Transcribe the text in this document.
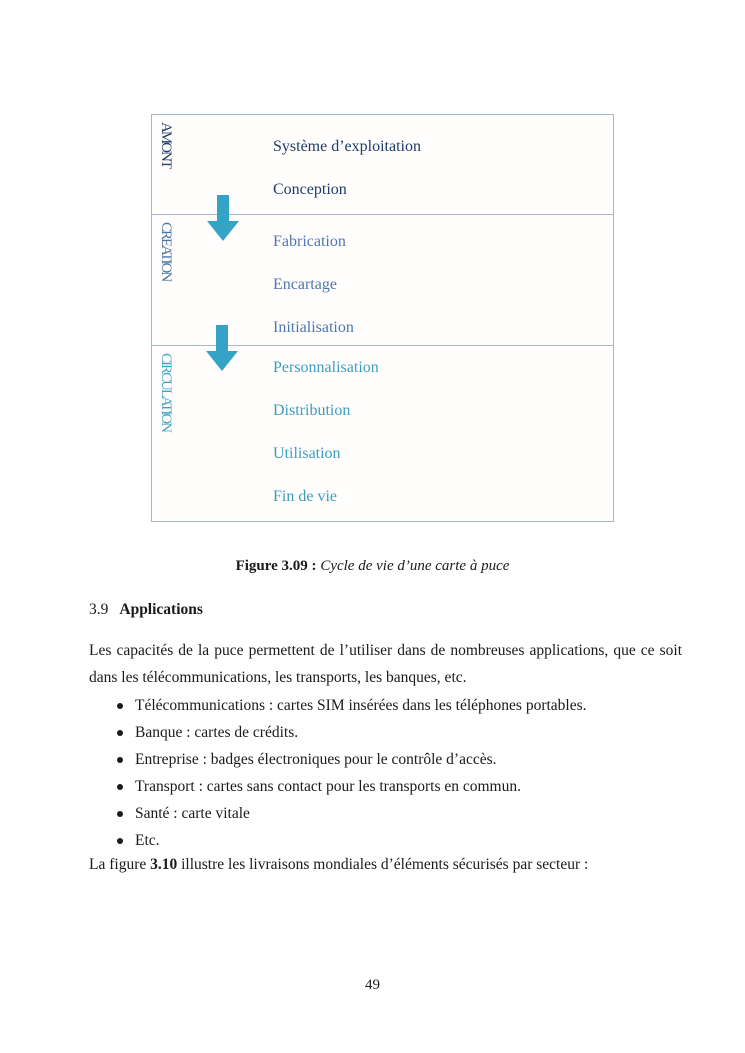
AMONT	Système d’exploitation
Conception
CREATION	Fabrication
Encartage
Initialisation
CIRCULATION	Personnalisation
Distribution
Utilisation
Fin de vie
Figure 3.09 : Cycle de vie d’une carte à puce
3.9 Applications
Les capacités de la puce permettent de l’utiliser dans de nombreuses applications, que ce soit dans les télécommunications, les transports, les banques, etc.
Télécommunications : cartes SIM insérées dans les téléphones portables.
Banque : cartes de crédits.
Entreprise : badges électroniques pour le contrôle d’accès.
Transport : cartes sans contact pour les transports en commun.
Santé : carte vitale
Etc.
La figure 3.10 illustre les livraisons mondiales d’éléments sécurisés par secteur :
49
